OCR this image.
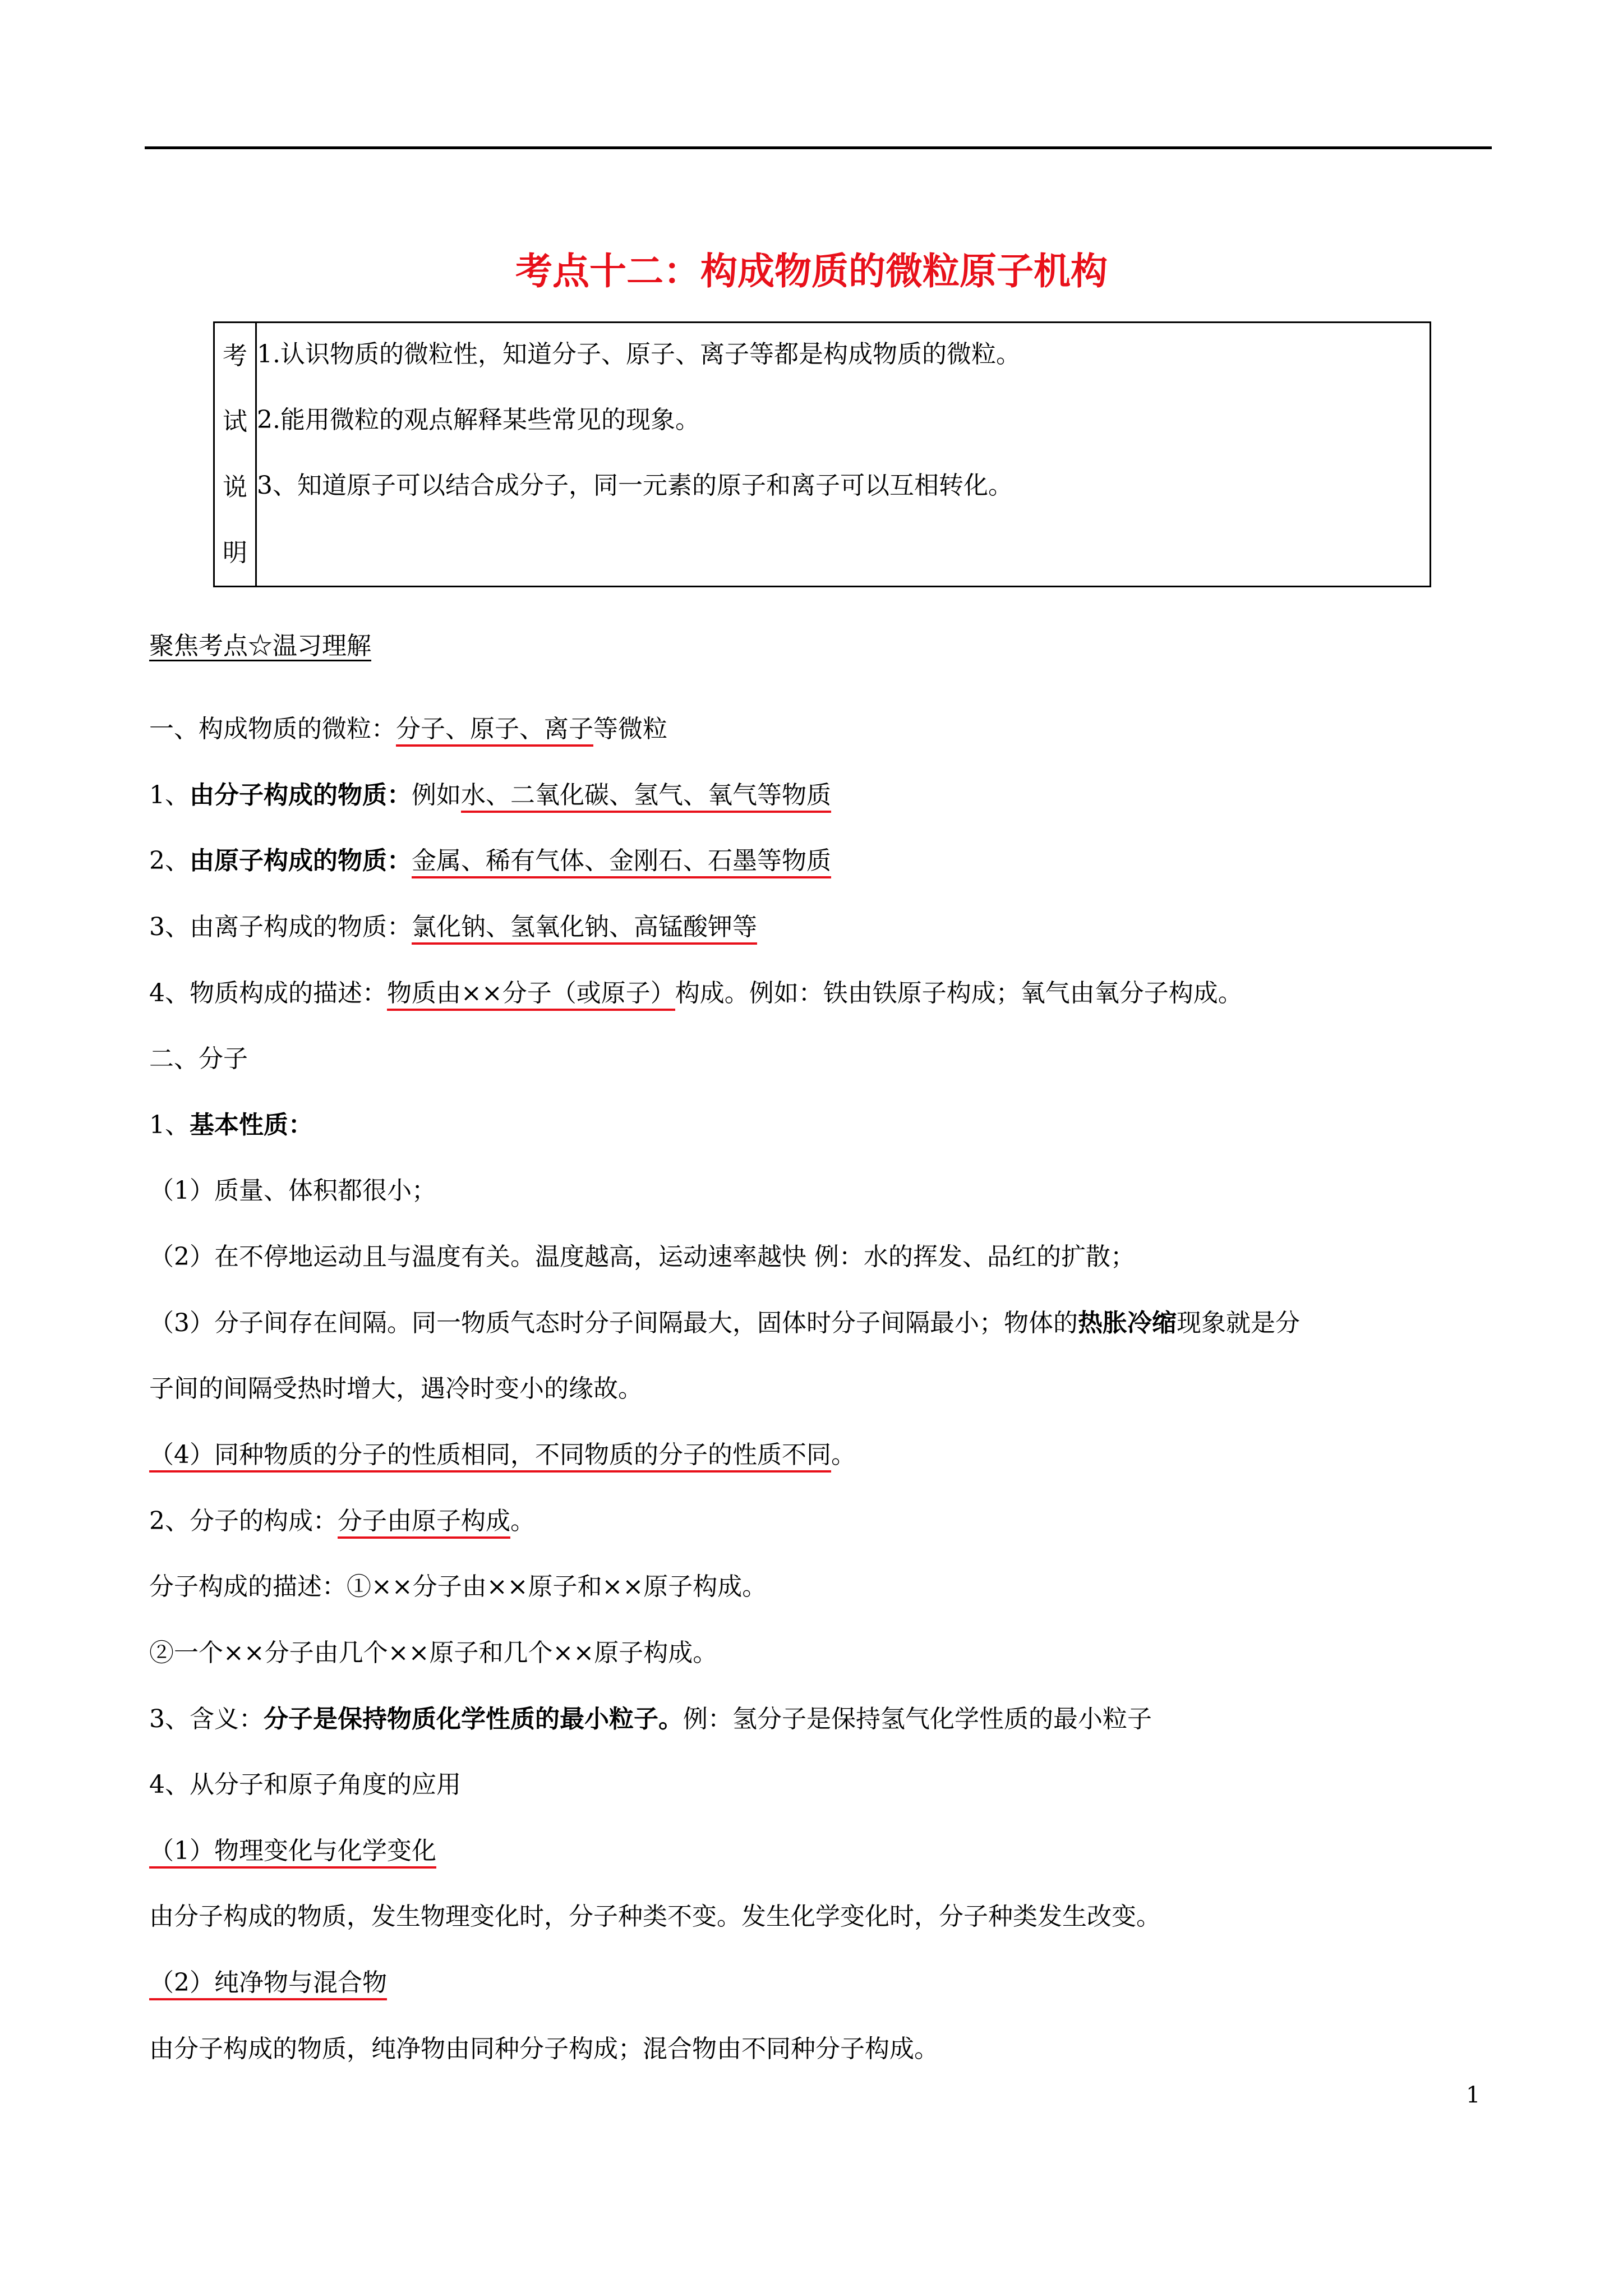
考点十二：构成物质的微粒原子机构
考
试
说
明

1.认识物质的微粒性，知道分子、原子、离子等都是构成物质的微粒。
2.能用微粒的观点解释某些常见的现象。
3、知道原子可以结合成分子，同一元素的原子和离子可以互相转化。

聚焦考点☆温习理解

一、构成物质的微粒：分子、原子、离子等微粒

1、由分子构成的物质：例如水、二氧化碳、氢气、氧气等物质

2、由原子构成的物质：金属、稀有气体、金刚石、石墨等物质

3、由离子构成的物质：氯化钠、氢氧化钠、高锰酸钾等

4、物质构成的描述：物质由××分子（或原子）构成。例如：铁由铁原子构成；氧气由氧分子构成。

二、分子

1、基本性质：

（1）质量、体积都很小；

（2）在不停地运动且与温度有关。温度越高，运动速率越快 例：水的挥发、品红的扩散；

（3）分子间存在间隔。同一物质气态时分子间隔最大，固体时分子间隔最小；物体的热胀冷缩现象就是分

子间的间隔受热时增大，遇冷时变小的缘故。

（4）同种物质的分子的性质相同，不同物质的分子的性质不同。

2、分子的构成：分子由原子构成。

分子构成的描述：①××分子由××原子和××原子构成。

②一个××分子由几个××原子和几个××原子构成。

3、含义：分子是保持物质化学性质的最小粒子。例：氢分子是保持氢气化学性质的最小粒子

4、从分子和原子角度的应用

（1）物理变化与化学变化

由分子构成的物质，发生物理变化时，分子种类不变。发生化学变化时，分子种类发生改变。

（2）纯净物与混合物

由分子构成的物质，纯净物由同种分子构成；混合物由不同种分子构成。

1
